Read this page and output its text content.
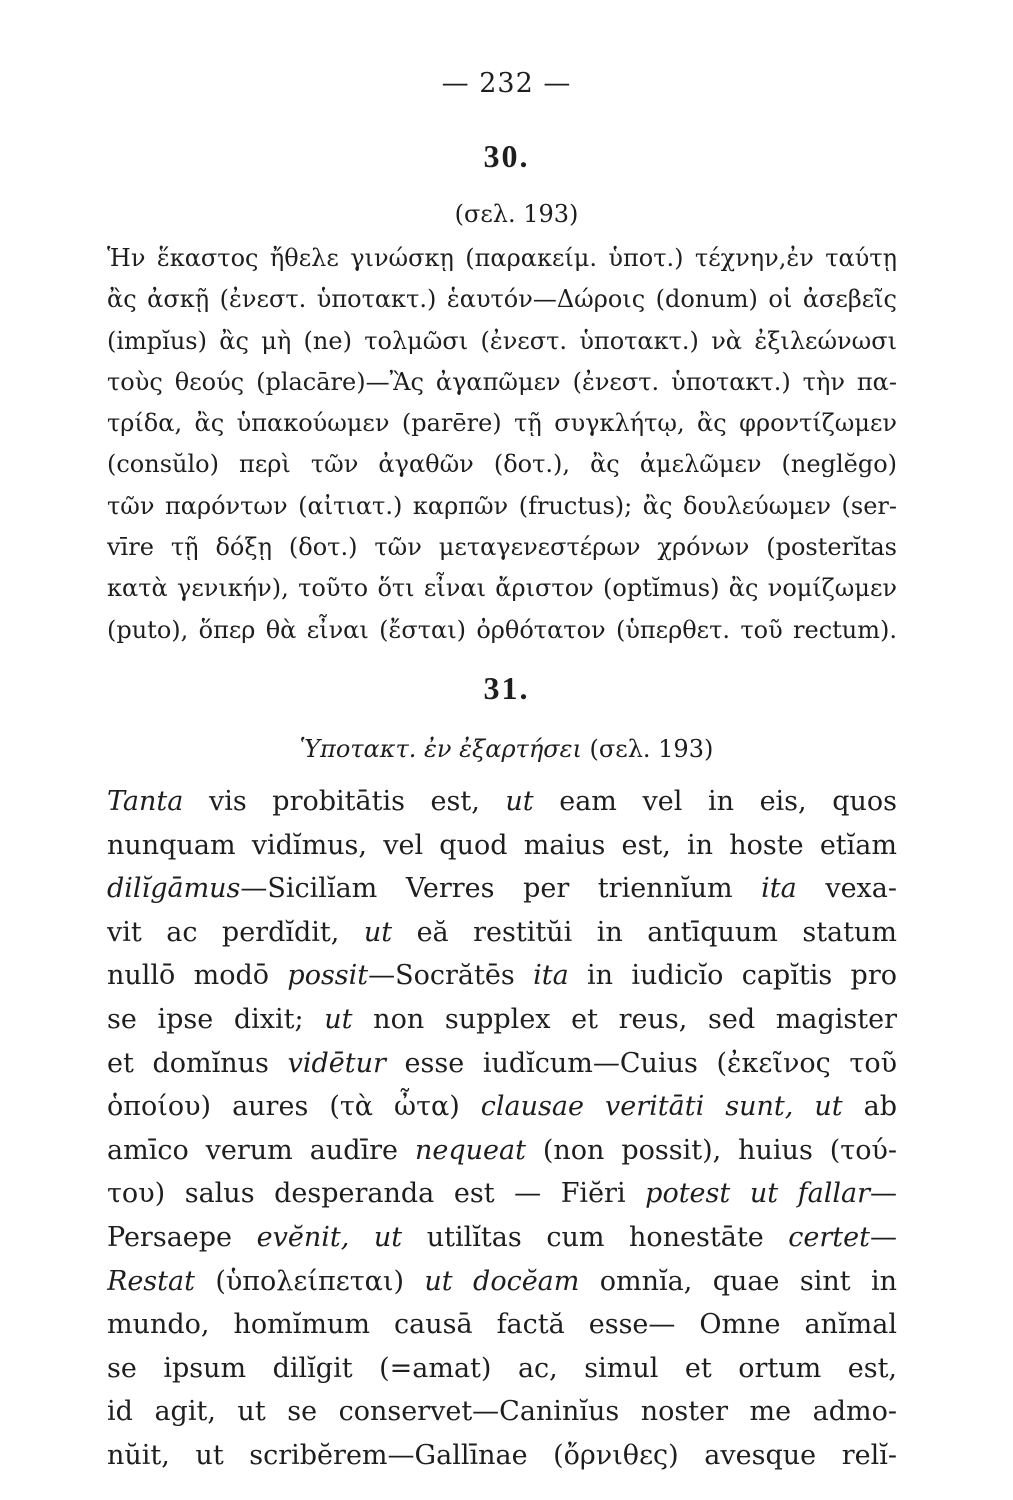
— 232 —
30.
(σελ. 193)
Ἡν ἕκαστος ἤθελε γινώσκῃ (παρακείμ. ὑποτ.) τέχνην,ἐν ταύτῃ
ἂς ἀσκῇ (ἐνεστ. ὑποτακτ.) ἑαυτόν—Δώροις (donum) οἱ ἀσεβεῖς
(impĭus) ἂς μὴ (ne) τολμῶσι (ἐνεστ. ὑποτακτ.) νὰ ἐξιλεώνωσι
τοὺς θεούς (placāre)—Ἂς ἀγαπῶμεν (ἐνεστ. ὑποτακτ.) τὴν πα-
τρίδα, ἂς ὑπακούωμεν (parēre) τῇ συγκλήτῳ, ἂς φροντίζωμεν
(consŭlo) περὶ τῶν ἀγαθῶν (δοτ.), ἂς ἀμελῶμεν (neglĕgo)
τῶν παρόντων (αἰτιατ.) καρπῶν (fructus); ἂς δουλεύωμεν (ser-
vīre τῇ δόξῃ (δοτ.) τῶν μεταγενεστέρων χρόνων (posterĭtas
κατὰ γενικήν), τοῦτο ὅτι εἶναι ἄριστον (optĭmus) ἂς νομίζωμεν
(puto), ὅπερ θὰ εἶναι (ἔσται) ὀρθότατον (ὑπερθετ. τοῦ rectum).
31.
Ὑποτακτ. ἐν ἐξαρτήσει (σελ. 193)
Tanta vis probitātis est, ut eam vel in eis, quos
nunquam vidĭmus, vel quod maius est, in hoste etĭam
dilĭgāmus—Sicilĭam Verres per triennĭum ita vexa-
vit ac perdĭdit, ut eă restitŭi in antīquum statum
nullō modō possit—Socrătēs ita in iudicĭo capĭtis pro
se ipse dixit; ut non supplex et reus, sed magister
et domĭnus vidētur esse iudĭcum—Cuius (ἐκεῖνος τοῦ
ὁποίου) aures (τὰ ὦτα) clausae veritāti sunt, ut ab
amīco verum audīre nequeat (non possit), huius (τού-
του) salus desperanda est — Fiĕri potest ut fallar—
Persaepe evĕnit, ut utilĭtas cum honestāte certet—
Restat (ὑπολείπεται) ut docĕam omnĭa, quae sint in
mundo, homĭmum causā factă esse— Omne anĭmal
se ipsum dilĭgit (=amat) ac, simul et ortum est,
id agit, ut se conservet—Caninĭus noster me admo-
nŭit, ut scribĕrem—Gallīnae (ὄρνιθες) avesque relĭ-
